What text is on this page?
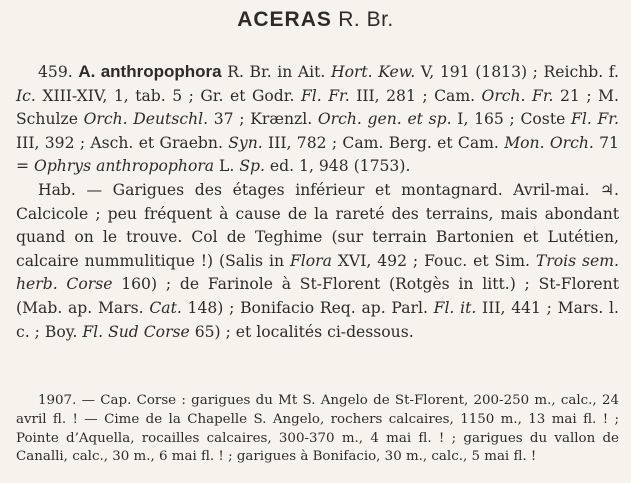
ACERAS R. Br.

459. A. anthropophora R. Br. in Ait. Hort. Kew. V, 191 (1813) ; Reichb. f. Ic. XIII-XIV, 1, tab. 5 ; Gr. et Godr. Fl. Fr. III, 281 ; Cam. Orch. Fr. 21 ; M. Schulze Orch. Deutschl. 37 ; Krænzl. Orch. gen. et sp. I, 165 ; Coste Fl. Fr. III, 392 ; Asch. et Graebn. Syn. III, 782 ; Cam. Berg. et Cam. Mon. Orch. 71 = Ophrys anthropophora L. Sp. ed. 1, 948 (1753).

Hab. — Garigues des étages inférieur et montagnard. Avril-mai. ♃. Calcicole ; peu fréquent à cause de la rareté des terrains, mais abondant quand on le trouve. Col de Teghime (sur terrain Bartonien et Lutétien, calcaire nummulitique !) (Salis in Flora XVI, 492 ; Fouc. et Sim. Trois sem. herb. Corse 160) ; de Farinole à St-Florent (Rotgès in litt.) ; St-Florent (Mab. ap. Mars. Cat. 148) ; Bonifacio Req. ap. Parl. Fl. it. III, 441 ; Mars. l. c. ; Boy. Fl. Sud Corse 65) ; et localités ci-dessous.

1907. — Cap. Corse : garigues du Mt S. Angelo de St-Florent, 200-250 m., calc., 24 avril fl. ! — Cime de la Chapelle S. Angelo, rochers calcaires, 1150 m., 13 mai fl. ! ; Pointe d’Aquella, rocailles calcaires, 300-370 m., 4 mai fl. ! ; garigues du vallon de Canalli, calc., 30 m., 6 mai fl. ! ; garigues à Bonifacio, 30 m., calc., 5 mai fl. !
